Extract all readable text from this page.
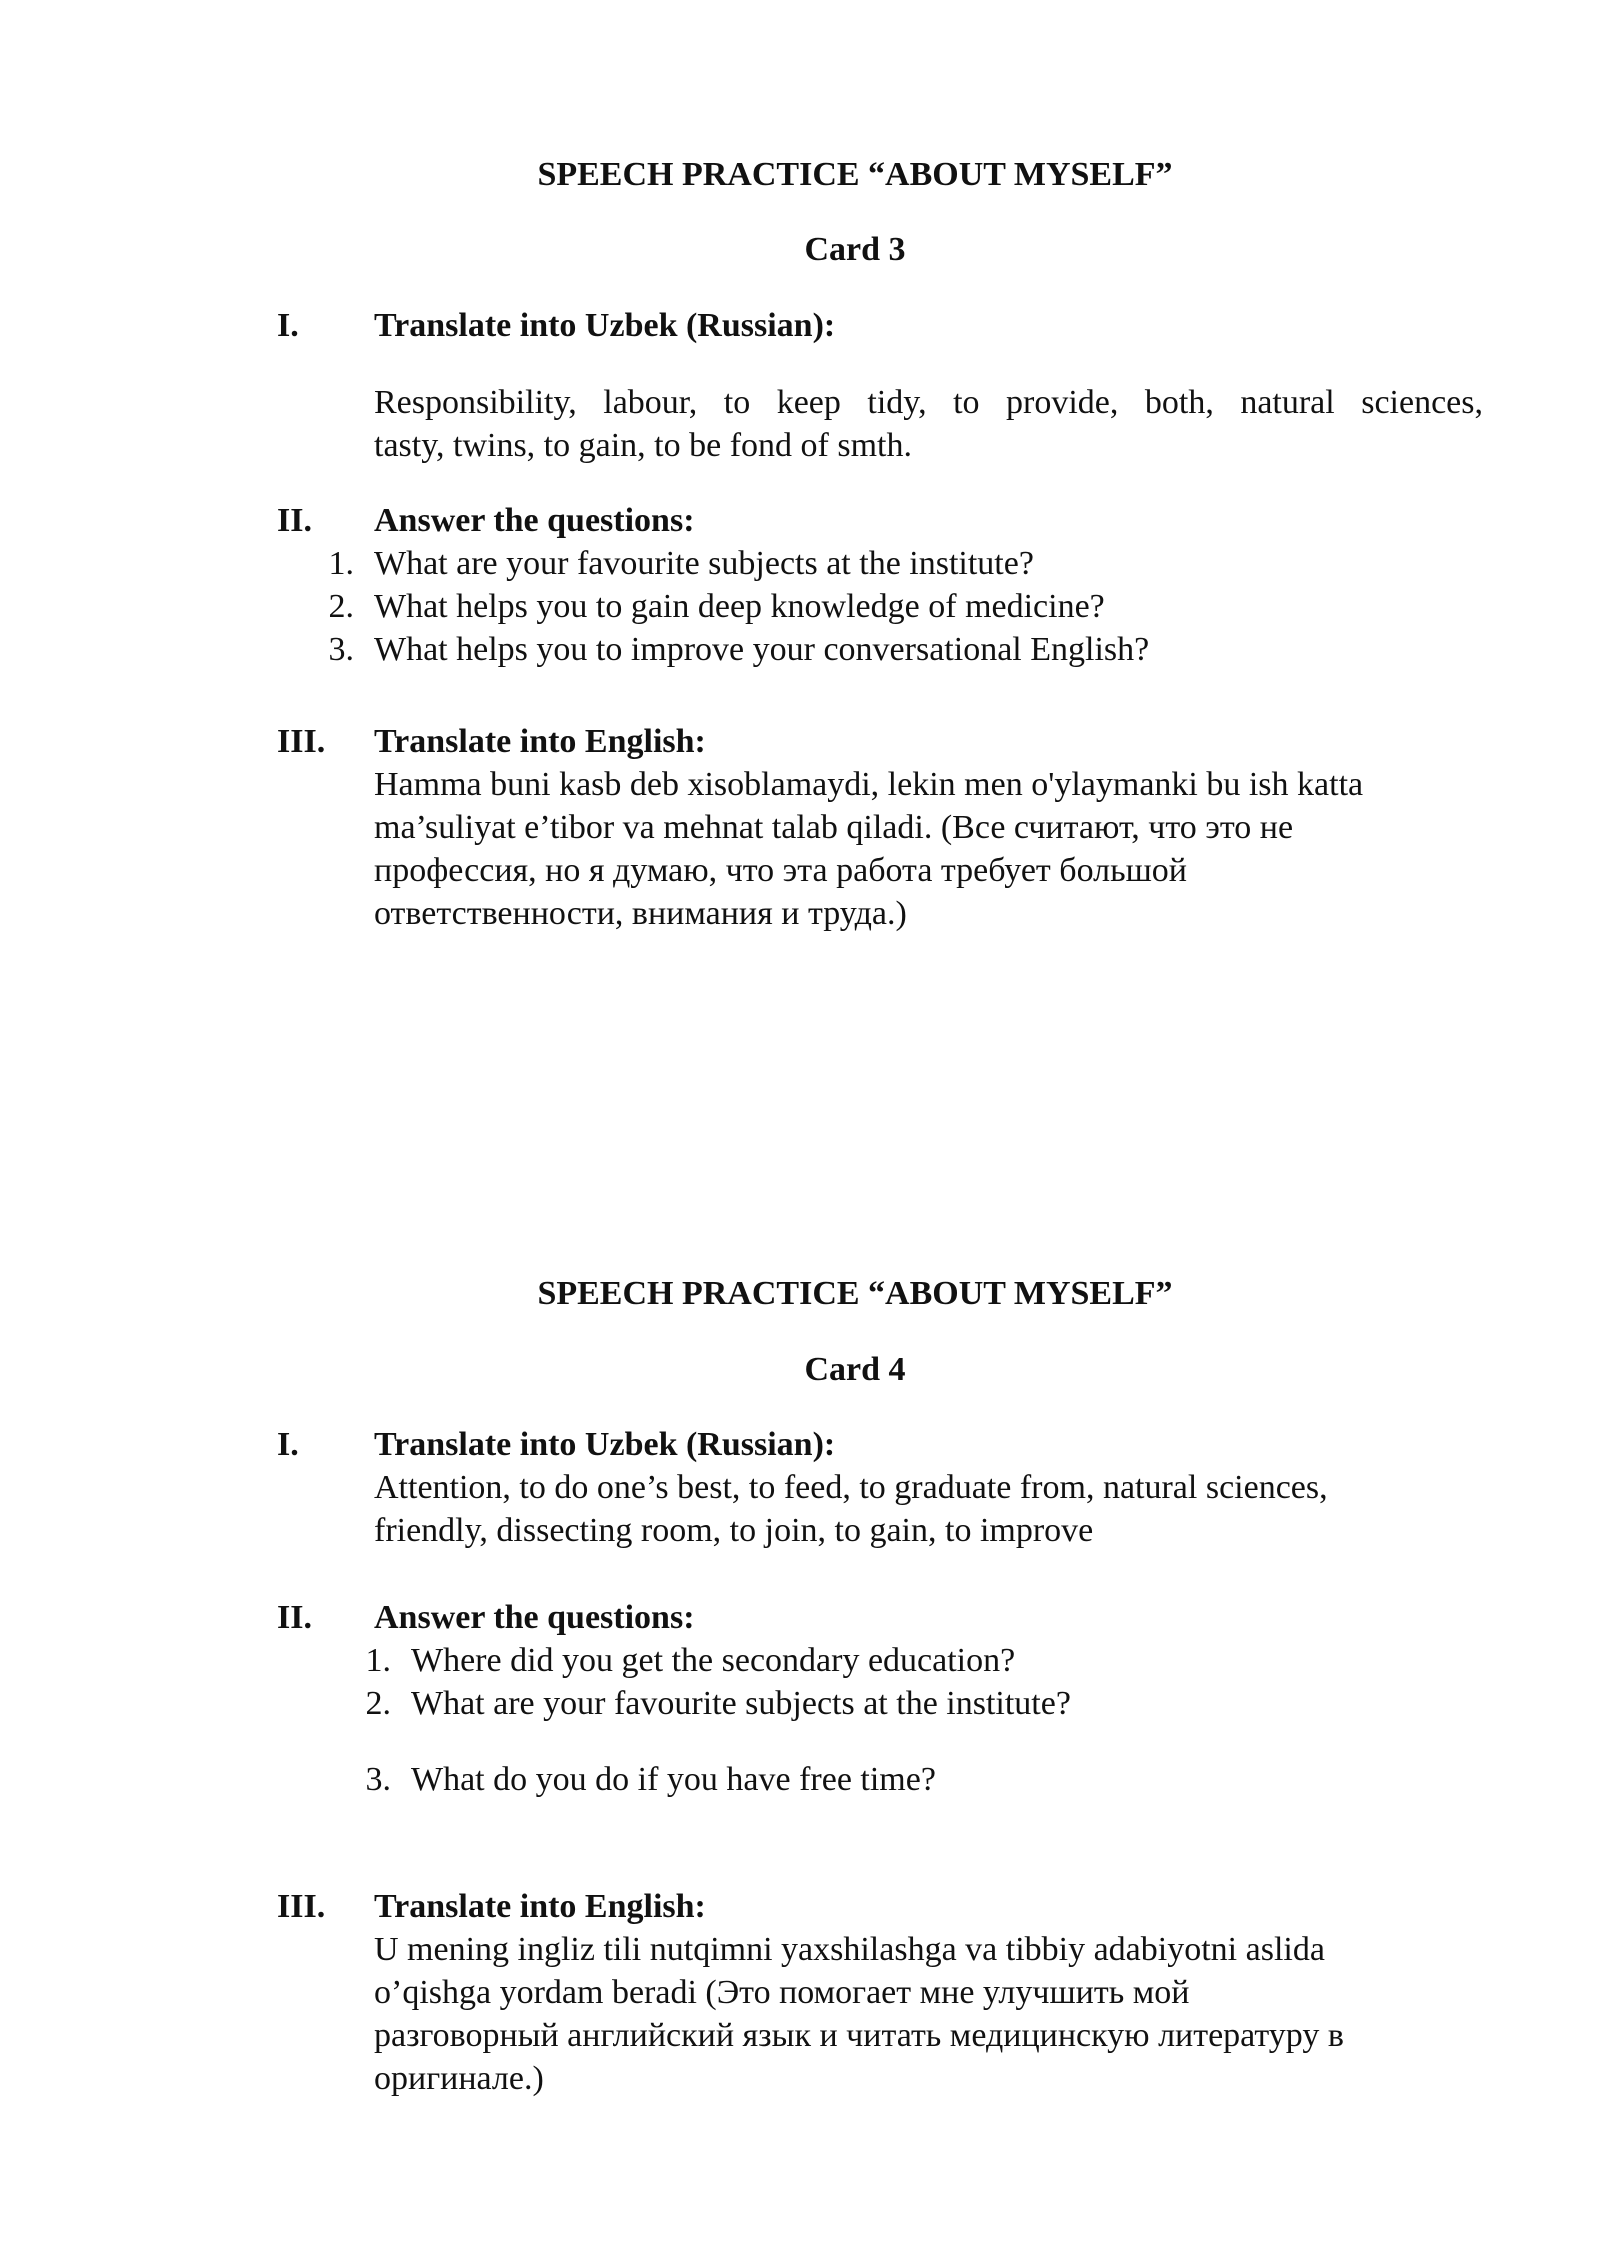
SPEECH PRACTICE “ABOUT MYSELF”
Card 3
I. Translate into Uzbek (Russian):
Responsibility, labour, to keep tidy, to provide, both, natural sciences,
tasty, twins, to gain, to be fond of smth.
II. Answer the questions:
1. What are your favourite subjects at the institute?
2. What helps you to gain deep knowledge of medicine?
3. What helps you to improve your conversational English?
III. Translate into English:
Hamma buni kasb deb xisoblamaydi, lekin men o'ylaymanki bu ish katta
ma’suliyat e’tibor va mehnat talab qiladi. (Все считают, что это не
профессия, но я думаю, что эта работа требует большой
ответственности, внимания и труда.)
SPEECH PRACTICE “ABOUT MYSELF”
Card 4
I. Translate into Uzbek (Russian):
Attention, to do one’s best, to feed, to graduate from, natural sciences,
friendly, dissecting room, to join, to gain, to improve
II. Answer the questions:
1. Where did you get the secondary education?
2. What are your favourite subjects at the institute?
3. What do you do if you have free time?
III. Translate into English:
U mening ingliz tili nutqimni yaxshilashga va tibbiy adabiyotni aslida
o’qishga yordam beradi (Это помогает мне улучшить мой
разговорный английский язык и читать медицинскую литературу в
оригинале.)
